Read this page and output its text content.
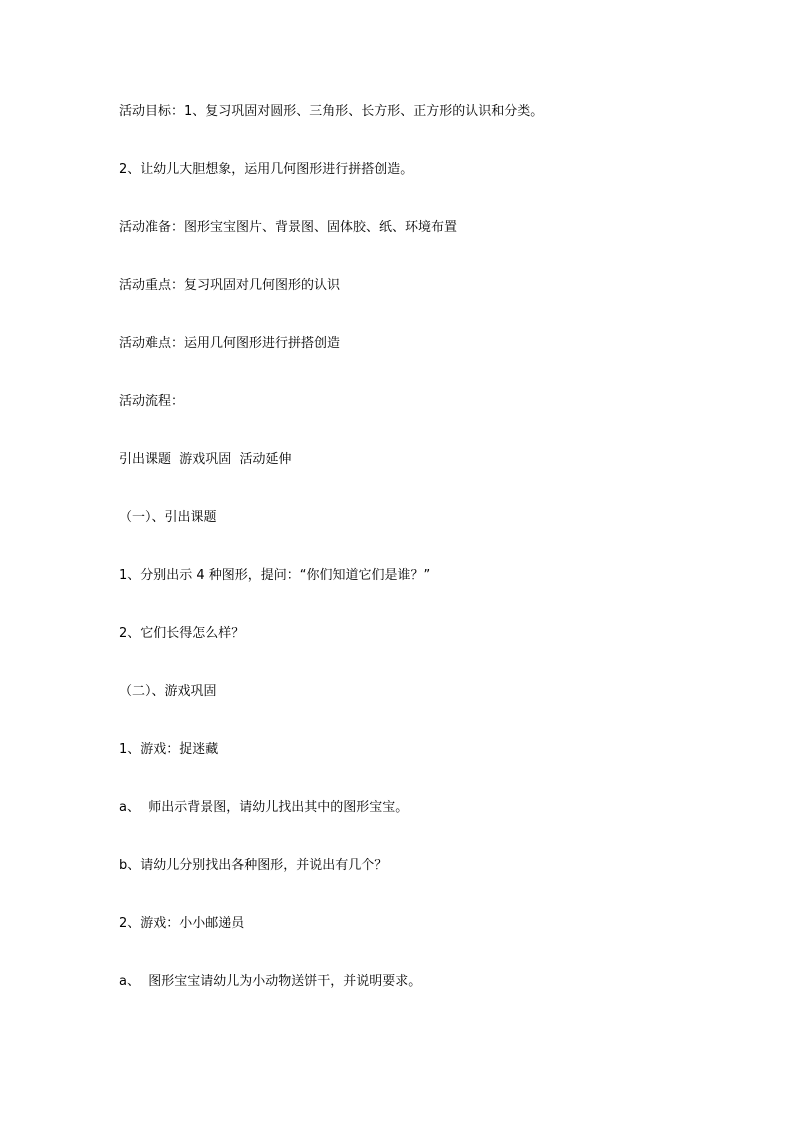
活动目标：1、复习巩固对圆形、三角形、长方形、正方形的认识和分类。

2、让幼儿大胆想象，运用几何图形进行拼搭创造。

活动准备：图形宝宝图片、背景图、固体胶、纸、环境布置

活动重点：复习巩固对几何图形的认识

活动难点：运用几何图形进行拼搭创造

活动流程：

引出课题  游戏巩固  活动延伸

（一）、引出课题

1、分别出示 4 种图形，提问：“你们知道它们是谁？”

2、它们长得怎么样？

（二）、游戏巩固

1、游戏：捉迷藏

a、  师出示背景图，请幼儿找出其中的图形宝宝。

b、请幼儿分别找出各种图形，并说出有几个？

2、游戏：小小邮递员

a、  图形宝宝请幼儿为小动物送饼干，并说明要求。
